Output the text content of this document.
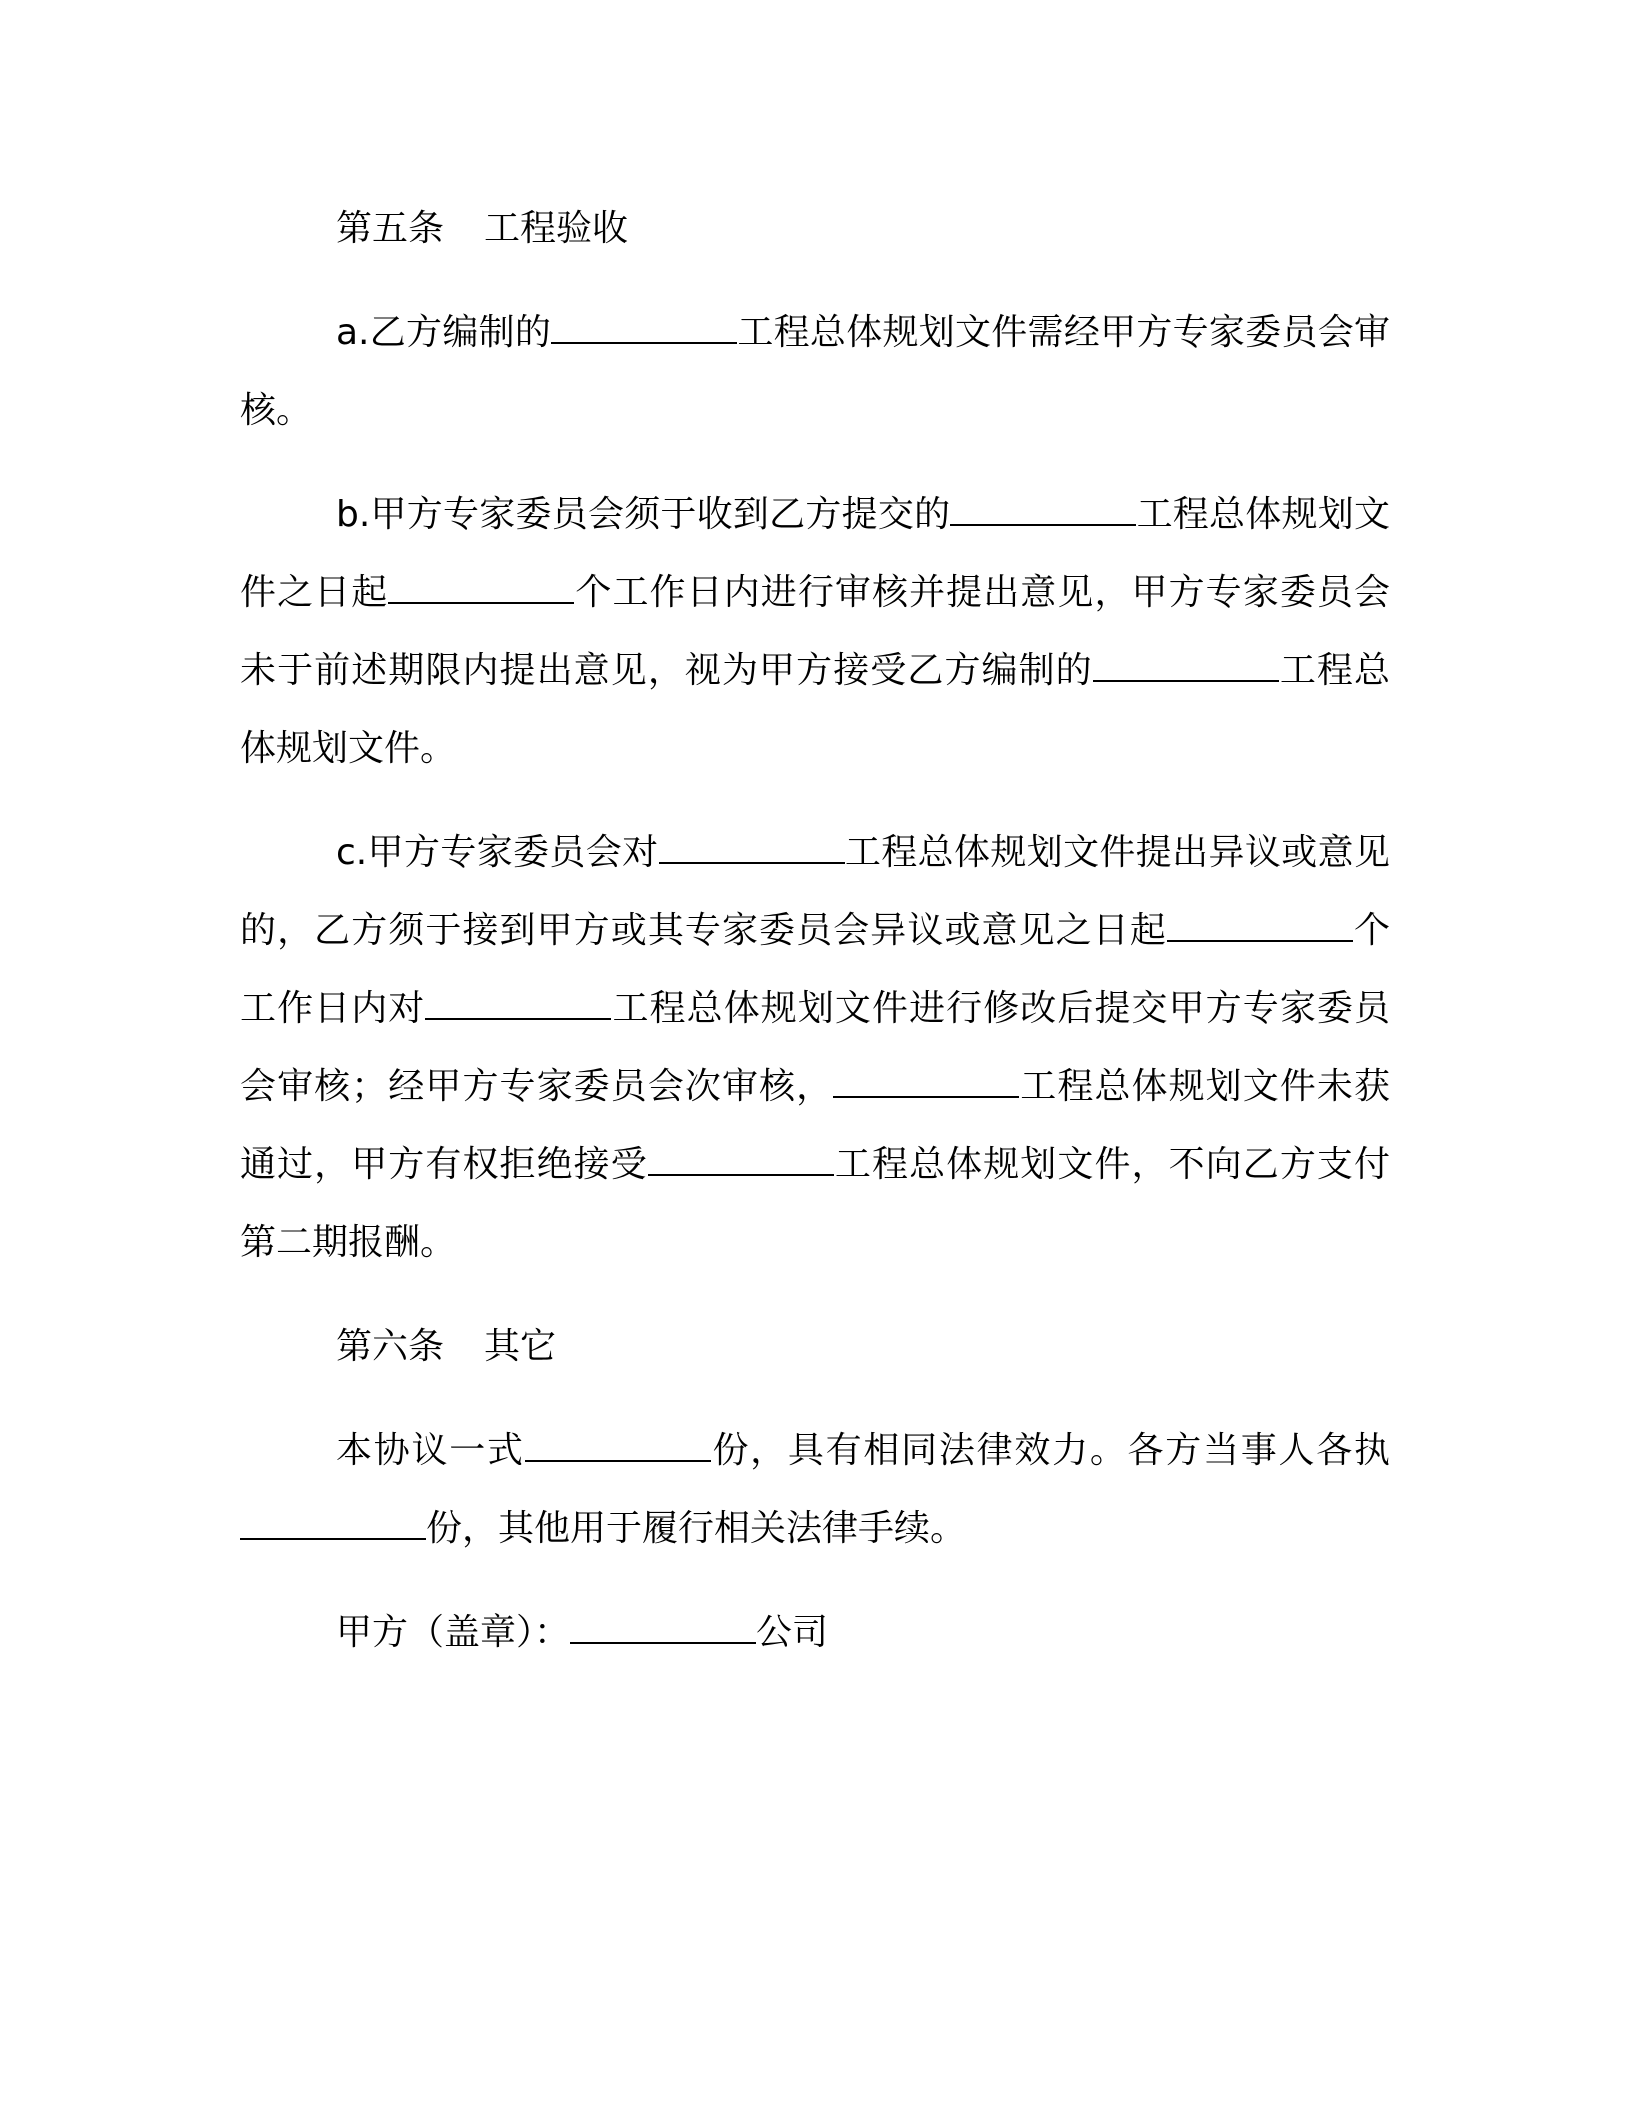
第五条 工程验收

a.乙方编制的	工程总体规划文件需经甲方专家委员会审核。

b.甲方专家委员会须于收到乙方提交的	工程总体规划文件之日起	个工作日内进行审核并提出意见，甲方专家委员会未于前述期限内提出意见，视为甲方接受乙方编制的	工程总体规划文件。

c.甲方专家委员会对	工程总体规划文件提出异议或意见的，乙方须于接到甲方或其专家委员会异议或意见之日起	个工作日内对	工程总体规划文件进行修改后提交甲方专家委员会审核；经甲方专家委员会次审核，	工程总体规划文件未获通过，甲方有权拒绝接受	工程总体规划文件，不向乙方支付第二期报酬。

第六条 其它

本协议一式	份，具有相同法律效力。各方当事人各执份，其他用于履行相关法律手续。

甲方（盖章）：	公司
